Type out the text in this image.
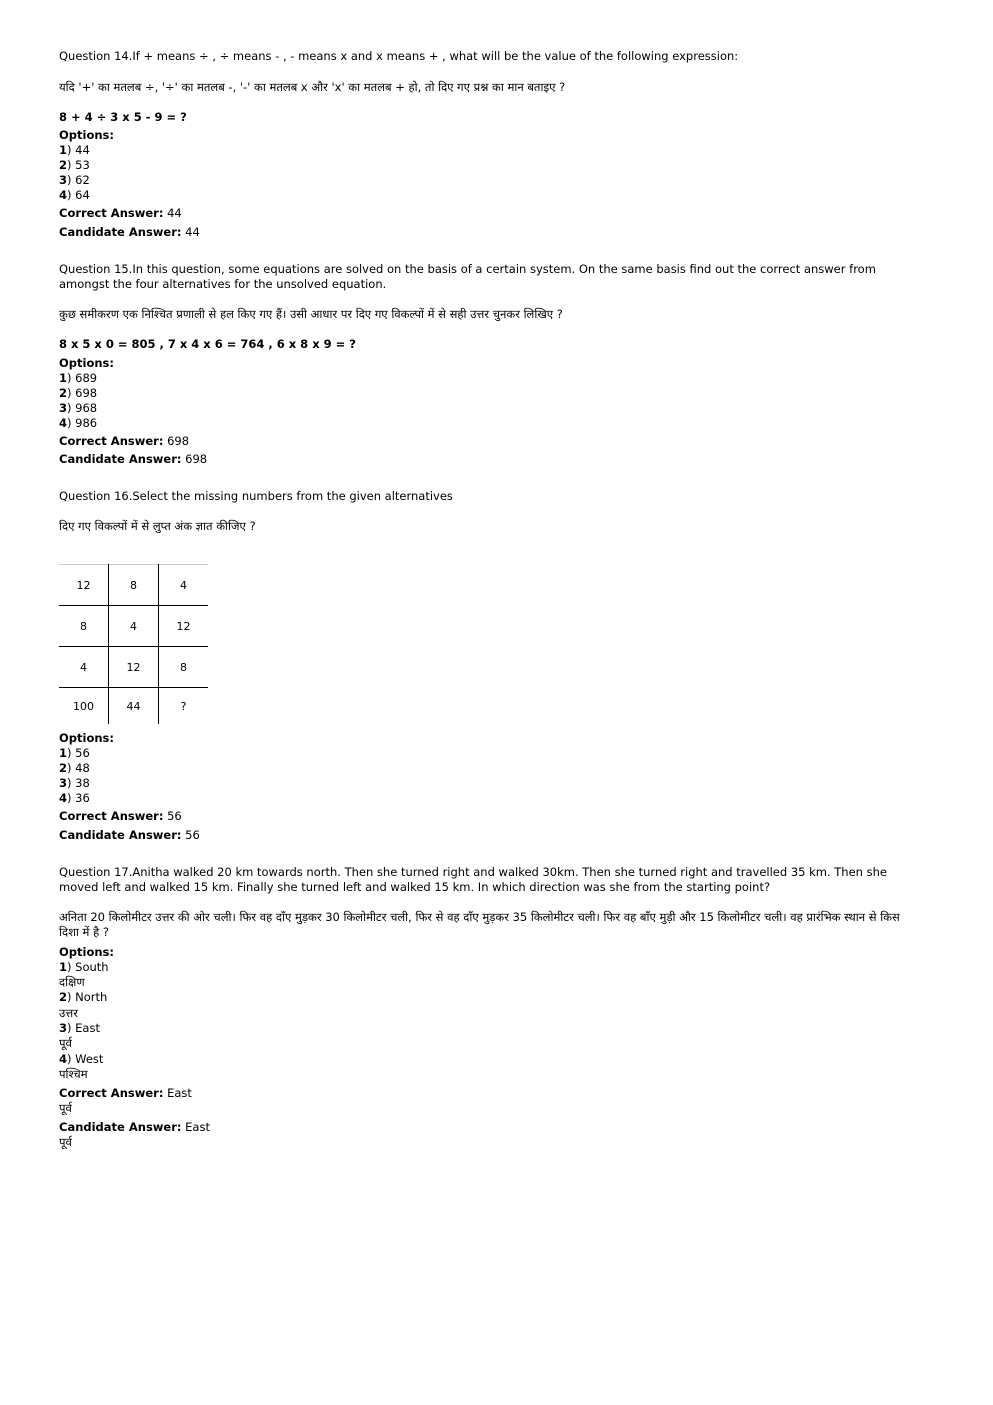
Question 14.If + means ÷ , ÷ means - , - means x and x means + , what will be the value of the following expression:
यदि '+' का मतलब ÷, '÷' का मतलब -, '-' का मतलब x और 'x' का मतलब + हो, तो दिए गए प्रश्न का मान बताइए ?
8 + 4 ÷ 3 x 5 - 9 = ?
Options:
1) 44
2) 53
3) 62
4) 64
Correct Answer: 44
Candidate Answer: 44
Question 15.In this question, some equations are solved on the basis of a certain system. On the same basis find out the correct answer from amongst the four alternatives for the unsolved equation.
कुछ समीकरण एक निश्चित प्रणाली से हल किए गए हैं। उसी आधार पर दिए गए विकल्पों में से सही उत्तर चुनकर लिखिए ?
8 x 5 x 0 = 805 , 7 x 4 x 6 = 764 , 6 x 8 x 9 = ?
Options:
1) 689
2) 698
3) 968
4) 986
Correct Answer: 698
Candidate Answer: 698
Question 16.Select the missing numbers from the given alternatives
दिए गए विकल्पों में से लुप्त अंक ज्ञात कीजिए ?
12	8	4
8	4	12
4	12	8
100	44	?
Options:
1) 56
2) 48
3) 38
4) 36
Correct Answer: 56
Candidate Answer: 56
Question 17.Anitha walked 20 km towards north. Then she turned right and walked 30km. Then she turned right and travelled 35 km. Then she moved left and walked 15 km. Finally she turned left and walked 15 km. In which direction was she from the starting point?
अनिता 20 किलोमीटर उत्तर की ओर चली। फिर वह दाँए मुड़कर 30 किलोमीटर चली, फिर से वह दाँए मुड़कर 35 किलोमीटर चली। फिर वह बाँए मुड़ी और 15 किलोमीटर चली। वह प्रारंभिक स्थान से किस दिशा में है ?
Options:
1) South
दक्षिण
2) North
उत्तर
3) East
पूर्व
4) West
पश्चिम
Correct Answer: East
पूर्व
Candidate Answer: East
पूर्व
